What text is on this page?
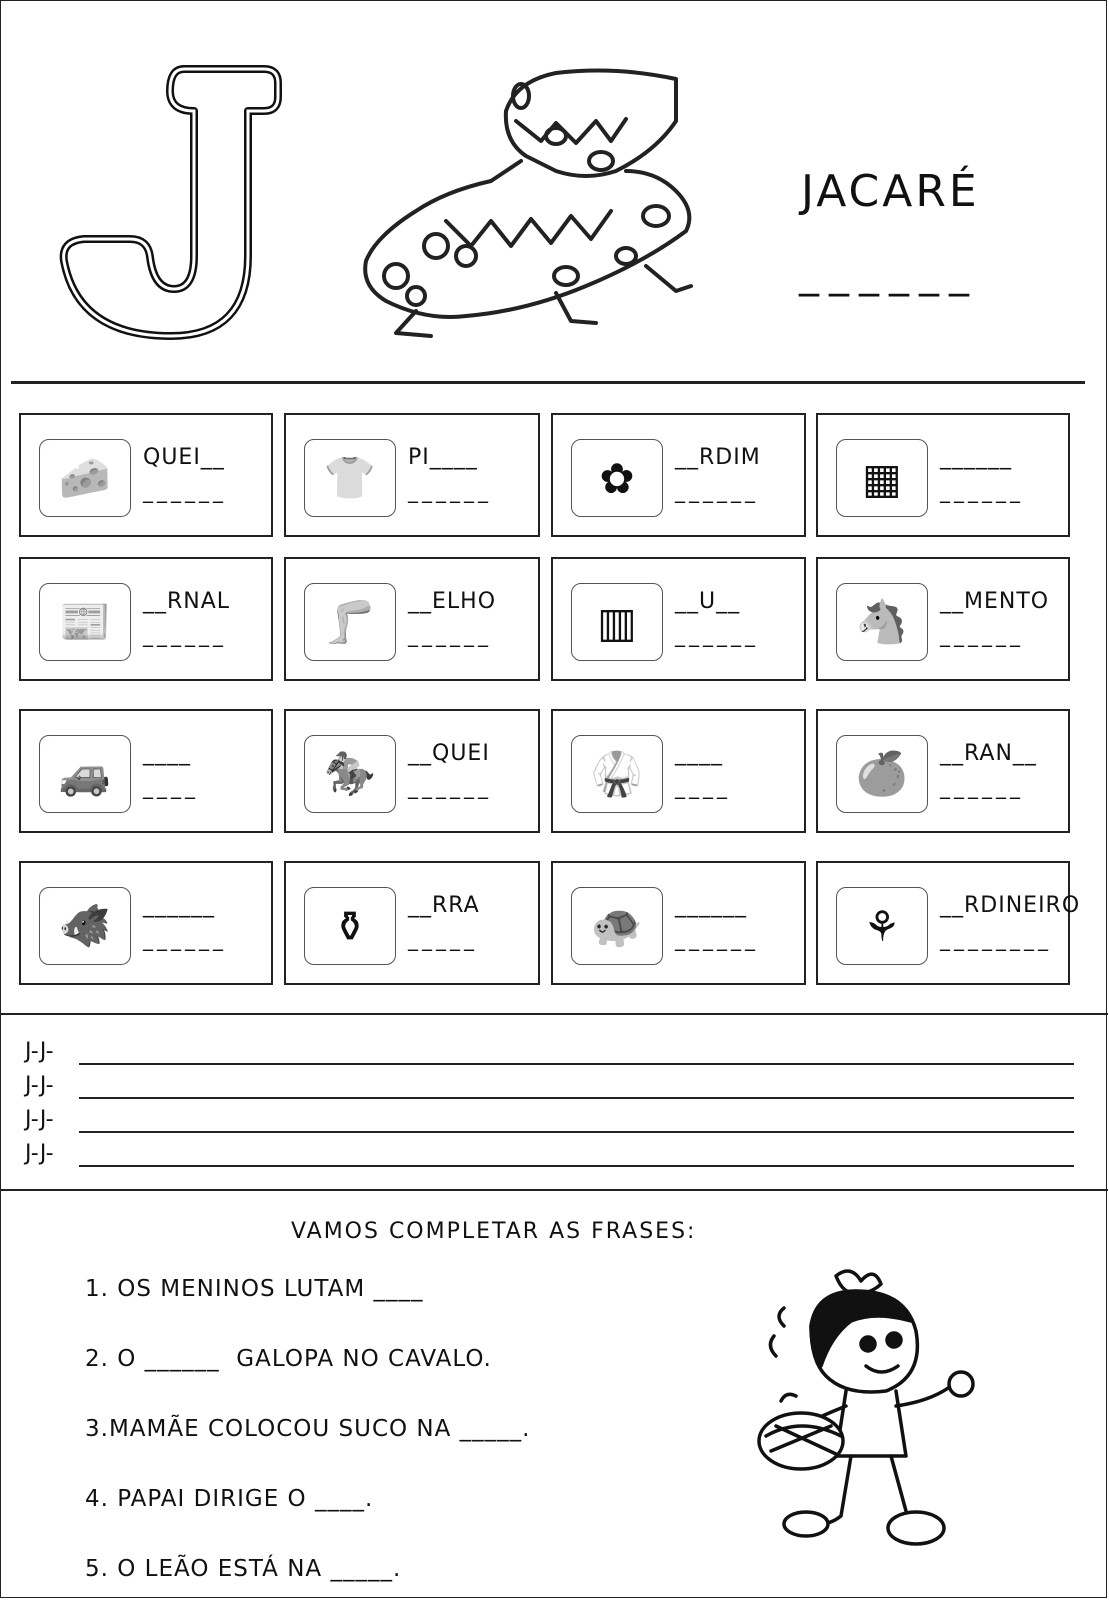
JACARÉ
______
🧀	QUEI__
______	👕	PI____
______	✿	__RDIM
______	▦	______
______
📰	__RNAL
______	🦵	__ELHO
______	▥	__U__
______	🐴	__MENTO
______
🚙	____
____	🏇	__QUEI
______	🥋	____
____	🍊	__RAN__
______
🐗	______
______	⚱	__RRA
_____	🐢	______
______	⚘	__RDINEIRO
________
J-J-
J-J-
J-J-
J-J-
VAMOS COMPLETAR AS FRASES:
1. OS MENINOS LUTAM ____
2. O ______  GALOPA NO CAVALO.
3.MAMÃE COLOCOU SUCO NA _____.
4. PAPAI DIRIGE O ____.
5. O LEÃO ESTÁ NA _____.
